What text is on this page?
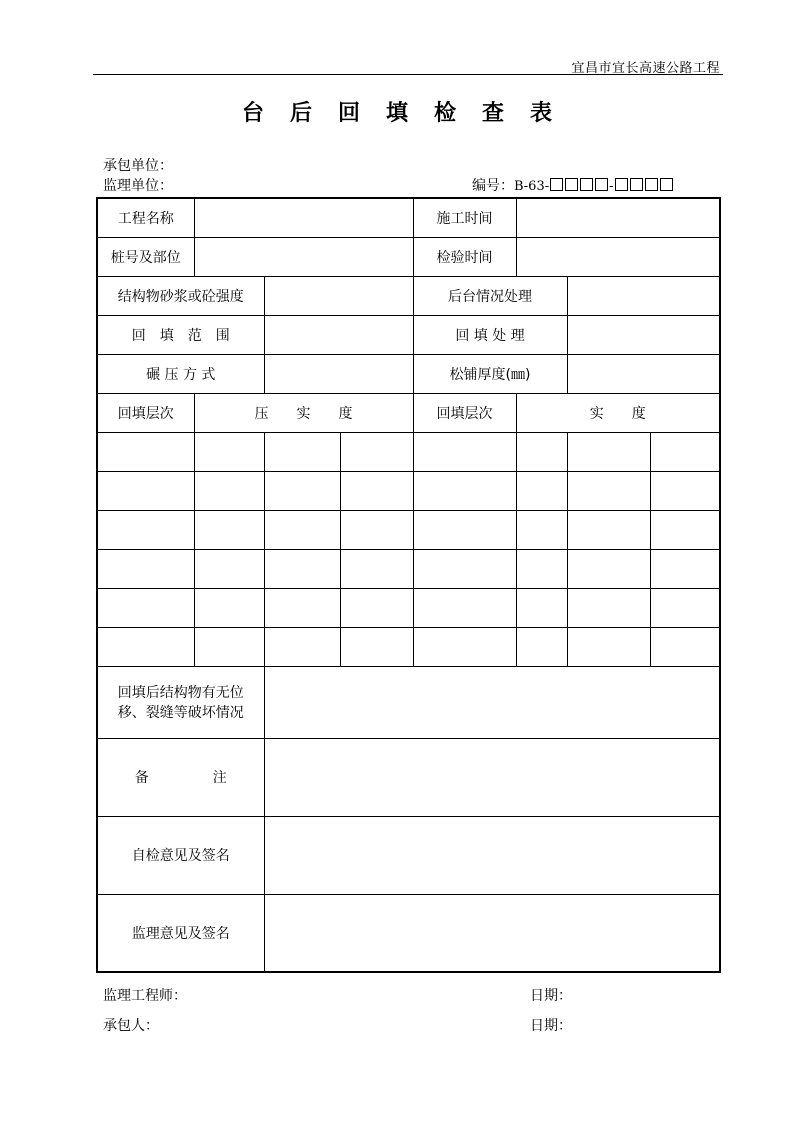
宜昌市宜长高速公路工程
台后回填检查表
承包单位：
监理单位：	编号：B-63-	-
工程名称				施工时间			
桩号及部位				检验时间			
结构物砂浆或砼强度				后台情况处理			
回　填　范　围				回 填 处 理			
碾 压 方 式				松铺厚度(㎜)			
回填层次	压　　实　　度			回填层次	实　　度		

回填后结构物有无位
移、裂缝等破坏情况							

备 注							
自检意见及签名							
监理意见及签名							
监理工程师：	日期：
承包人：	日期：
